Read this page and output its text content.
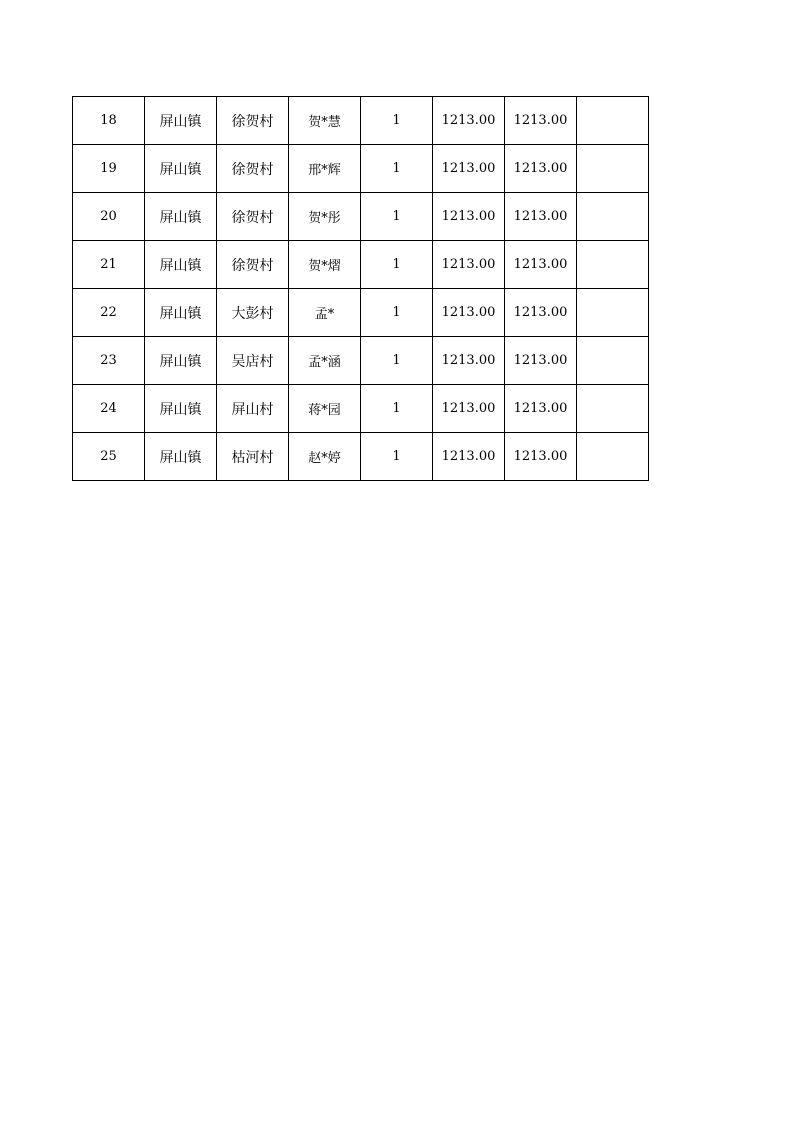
18	屏山镇	徐贺村	贺*慧	1	1213.00	1213.00	
19	屏山镇	徐贺村	邢*辉	1	1213.00	1213.00	
20	屏山镇	徐贺村	贺*彤	1	1213.00	1213.00	
21	屏山镇	徐贺村	贺*熠	1	1213.00	1213.00	
22	屏山镇	大彭村	孟*	1	1213.00	1213.00	
23	屏山镇	吴店村	孟*涵	1	1213.00	1213.00	
24	屏山镇	屏山村	蒋*园	1	1213.00	1213.00	
25	屏山镇	枯河村	赵*婷	1	1213.00	1213.00	
